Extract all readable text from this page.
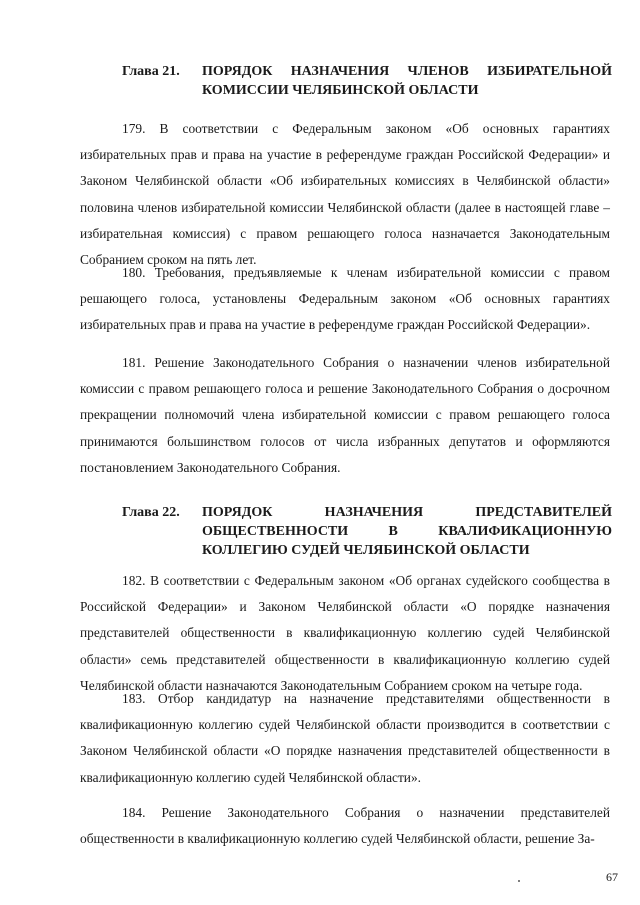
Глава 21.	ПОРЯДОК НАЗНАЧЕНИЯ ЧЛЕНОВ ИЗБИРАТЕЛЬНОЙ КОМИССИИ ЧЕЛЯБИНСКОЙ ОБЛАСТИ

179. В соответствии с Федеральным законом «Об основных гарантиях избирательных прав и права на участие в референдуме граждан Российской Федерации» и Законом Челябинской области «Об избирательных комиссиях в Челябинской области» половина членов избирательной комиссии Челябинской области (далее в настоящей главе – избирательная комиссия) с правом решающего голоса назначается Законодательным Собранием сроком на пять лет.

180. Требования, предъявляемые к членам избирательной комиссии с правом решающего голоса, установлены Федеральным законом «Об основных гарантиях избирательных прав и права на участие в референдуме граждан Российской Федерации».

181. Решение Законодательного Собрания о назначении членов избирательной комиссии с правом решающего голоса и решение Законодательного Собрания о досрочном прекращении полномочий члена избирательной комиссии с правом решающего голоса принимаются большинством голосов от числа избранных депутатов и оформляются постановлением Законодательного Собрания.

Глава 22.	ПОРЯДОК НАЗНАЧЕНИЯ ПРЕДСТАВИТЕЛЕЙ ОБЩЕСТВЕННОСТИ В КВАЛИФИКАЦИОННУЮ КОЛЛЕГИЮ СУДЕЙ ЧЕЛЯБИНСКОЙ ОБЛАСТИ

182. В соответствии с Федеральным законом «Об органах судейского сообщества в Российской Федерации» и Законом Челябинской области «О порядке назначения представителей общественности в квалификационную коллегию судей Челябинской области» семь представителей общественности в квалификационную коллегию судей Челябинской области назначаются Законодательным Собранием сроком на четыре года.

183. Отбор кандидатур на назначение представителями общественности в квалификационную коллегию судей Челябинской области производится в соответствии с Законом Челябинской области «О порядке назначения представителей общественности в квалификационную коллегию судей Челябинской области».

184. Решение Законодательного Собрания о назначении представителей общественности в квалификационную коллегию судей Челябинской области, решение За-

67
